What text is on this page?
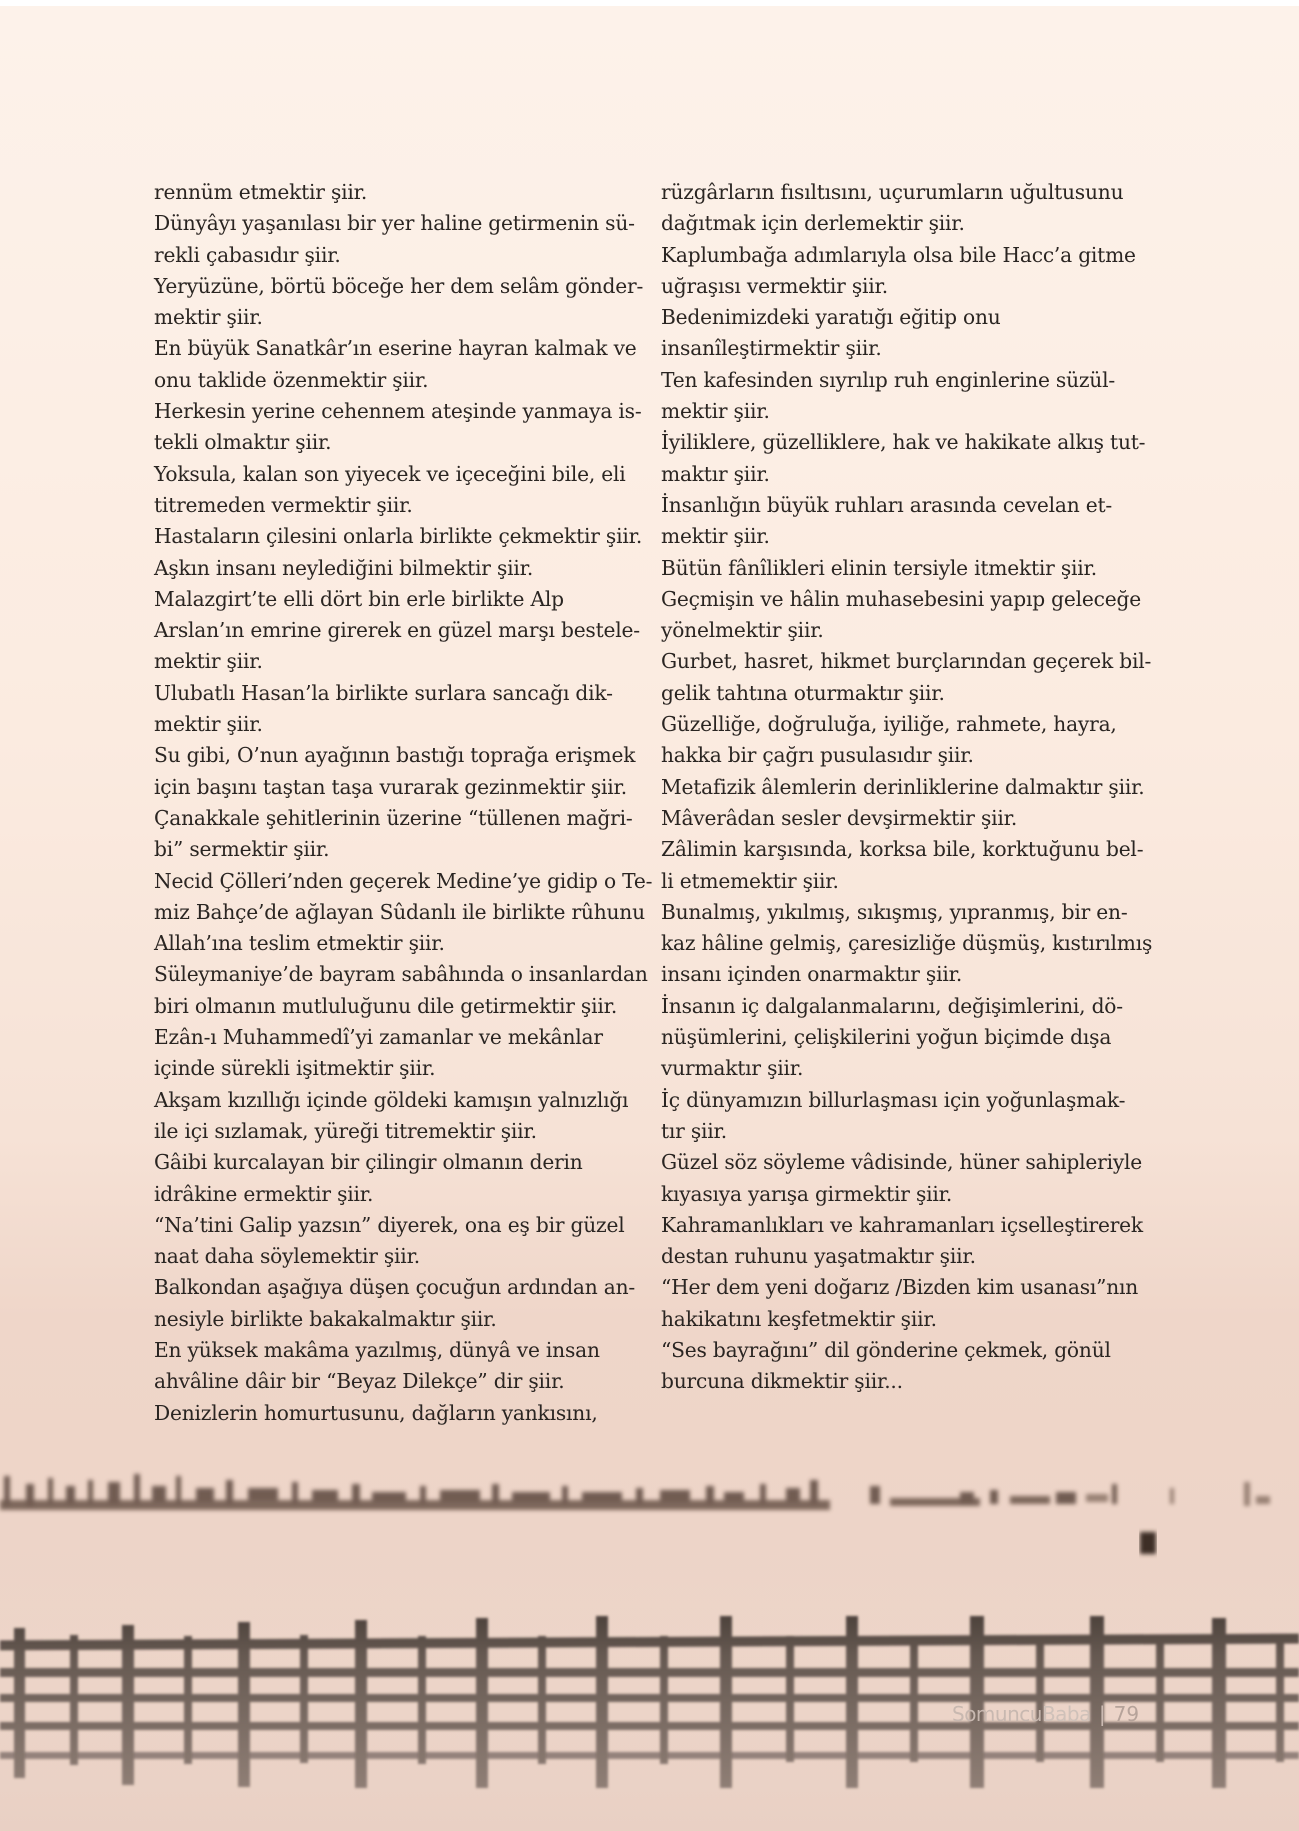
rennüm etmektir şiir.
Dünyâyı yaşanılası bir yer haline getirmenin sü-
rekli çabasıdır şiir.
Yeryüzüne, börtü böceğe her dem selâm gönder-
mektir şiir.
En büyük Sanatkâr’ın eserine hayran kalmak ve
onu taklide özenmektir şiir.
Herkesin yerine cehennem ateşinde yanmaya is-
tekli olmaktır şiir.
Yoksula, kalan son yiyecek ve içeceğini bile, eli
titremeden vermektir şiir.
Hastaların çilesini onlarla birlikte çekmektir şiir.
Aşkın insanı neylediğini bilmektir şiir.
Malazgirt’te elli dört bin erle birlikte Alp
Arslan’ın emrine girerek en güzel marşı bestele-
mektir şiir.
Ulubatlı Hasan’la birlikte surlara sancağı dik-
mektir şiir.
Su gibi, O’nun ayağının bastığı toprağa erişmek
için başını taştan taşa vurarak gezinmektir şiir.
Çanakkale şehitlerinin üzerine “tüllenen mağri-
bi” sermektir şiir.
Necid Çölleri’nden geçerek Medine’ye gidip o Te-
miz Bahçe’de ağlayan Sûdanlı ile birlikte rûhunu
Allah’ına teslim etmektir şiir.
Süleymaniye’de bayram sabâhında o insanlardan
biri olmanın mutluluğunu dile getirmektir şiir.
Ezân-ı Muhammedî’yi zamanlar ve mekânlar
içinde sürekli işitmektir şiir.
Akşam kızıllığı içinde göldeki kamışın yalnızlığı
ile içi sızlamak, yüreği titremektir şiir.
Gâibi kurcalayan bir çilingir olmanın derin
idrâkine ermektir şiir.
“Na’tini Galip yazsın” diyerek, ona eş bir güzel
naat daha söylemektir şiir.
Balkondan aşağıya düşen çocuğun ardından an-
nesiyle birlikte bakakalmaktır şiir.
En yüksek makâma yazılmış, dünyâ ve insan
ahvâline dâir bir “Beyaz Dilekçe” dir şiir.
Denizlerin homurtusunu, dağların yankısını,
rüzgârların fısıltısını, uçurumların uğultusunu
dağıtmak için derlemektir şiir.
Kaplumbağa adımlarıyla olsa bile Hacc’a gitme
uğraşısı vermektir şiir.
Bedenimizdeki yaratığı eğitip onu
insanîleştirmektir şiir.
Ten kafesinden sıyrılıp ruh enginlerine süzül-
mektir şiir.
İyiliklere, güzelliklere, hak ve hakikate alkış tut-
maktır şiir.
İnsanlığın büyük ruhları arasında cevelan et-
mektir şiir.
Bütün fânîlikleri elinin tersiyle itmektir şiir.
Geçmişin ve hâlin muhasebesini yapıp geleceğe
yönelmektir şiir.
Gurbet, hasret, hikmet burçlarından geçerek bil-
gelik tahtına oturmaktır şiir.
Güzelliğe, doğruluğa, iyiliğe, rahmete, hayra,
hakka bir çağrı pusulasıdır şiir.
Metafizik âlemlerin derinliklerine dalmaktır şiir.
Mâverâdan sesler devşirmektir şiir.
Zâlimin karşısında, korksa bile, korktuğunu bel-
li etmemektir şiir.
Bunalmış, yıkılmış, sıkışmış, yıpranmış, bir en-
kaz hâline gelmiş, çaresizliğe düşmüş, kıstırılmış
insanı içinden onarmaktır şiir.
İnsanın iç dalgalanmalarını, değişimlerini, dö-
nüşümlerini, çelişkilerini yoğun biçimde dışa
vurmaktır şiir.
İç dünyamızın billurlaşması için yoğunlaşmak-
tır şiir.
Güzel söz söyleme vâdisinde, hüner sahipleriyle
kıyasıya yarışa girmektir şiir.
Kahramanlıkları ve kahramanları içselleştirerek
destan ruhunu yaşatmaktır şiir.
“Her dem yeni doğarız /Bizden kim usanası”nın
hakikatını keşfetmektir şiir.
“Ses bayrağını” dil gönderine çekmek, gönül
burcuna dikmektir şiir...
SomuncuBaba | 79
